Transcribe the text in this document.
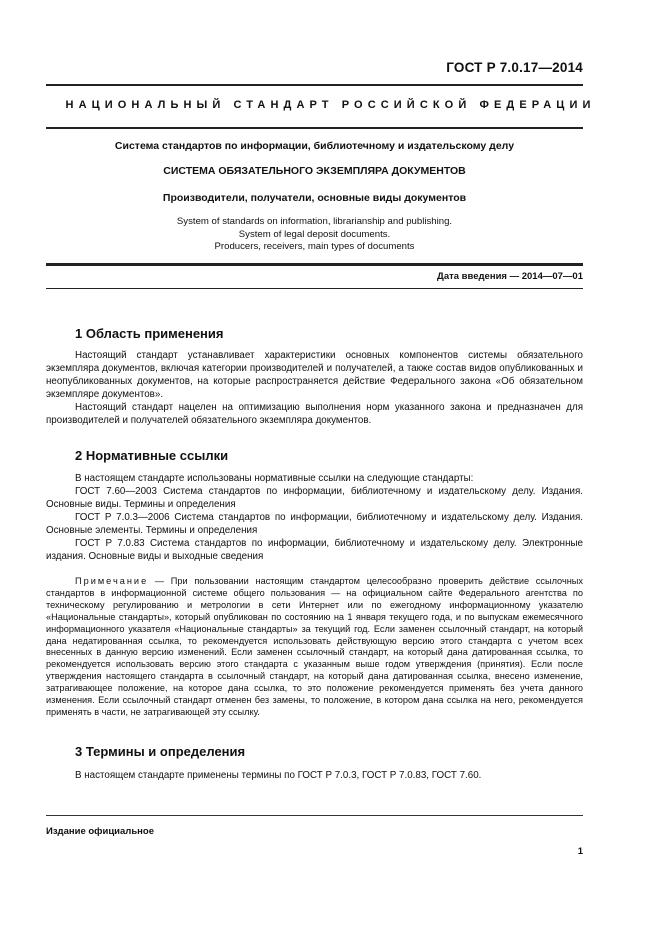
ГОСТ Р 7.0.17—2014
НАЦИОНАЛЬНЫЙ СТАНДАРТ РОССИЙСКОЙ ФЕДЕРАЦИИ
Система стандартов по информации, библиотечному и издательскому делу
СИСТЕМА ОБЯЗАТЕЛЬНОГО ЭКЗЕМПЛЯРА ДОКУМЕНТОВ
Производители, получатели, основные виды документов
System of standards on information, librarianship and publishing.
System of legal deposit documents.
Producers, receivers, main types of documents
Дата введения — 2014—07—01
1 Область применения

Настоящий стандарт устанавливает характеристики основных компонентов системы обязательного экземпляра документов, включая категории производителей и получателей, а также состав видов опубликованных и неопубликованных документов, на которые распространяется действие Федерального закона «Об обязательном экземпляре документов».

Настоящий стандарт нацелен на оптимизацию выполнения норм указанного закона и предназначен для производителей и получателей обязательного экземпляра документов.

2 Нормативные ссылки

В настоящем стандарте использованы нормативные ссылки на следующие стандарты:

ГОСТ 7.60—2003 Система стандартов по информации, библиотечному и издательскому делу. Издания. Основные виды. Термины и определения

ГОСТ Р 7.0.3—2006 Система стандартов по информации, библиотечному и издательскому делу. Издания. Основные элементы. Термины и определения

ГОСТ Р 7.0.83 Система стандартов по информации, библиотечному и издательскому делу. Электронные издания. Основные виды и выходные сведения

Примечание — При пользовании настоящим стандартом целесообразно проверить действие ссылочных стандартов в информационной системе общего пользования — на официальном сайте Федерального агентства по техническому регулированию и метрологии в сети Интернет или по ежегодному информационному указателю «Национальные стандарты», который опубликован по состоянию на 1 января текущего года, и по выпускам ежемесячного информационного указателя «Национальные стандарты» за текущий год. Если заменен ссылочный стандарт, на который дана недатированная ссылка, то рекомендуется использовать действующую версию этого стандарта с учетом всех внесенных в данную версию изменений. Если заменен ссылочный стандарт, на который дана датированная ссылка, то рекомендуется использовать версию этого стандарта с указанным выше годом утверждения (принятия). Если после утверждения настоящего стандарта в ссылочный стандарт, на который дана датированная ссылка, внесено изменение, затрагивающее положение, на которое дана ссылка, то это положение рекомендуется применять без учета данного изменения. Если ссылочный стандарт отменен без замены, то положение, в котором дана ссылка на него, рекомендуется применять в части, не затрагивающей эту ссылку.

3 Термины и определения

В настоящем стандарте применены термины по ГОСТ Р 7.0.3, ГОСТ Р 7.0.83, ГОСТ 7.60.

Издание официальное
1
